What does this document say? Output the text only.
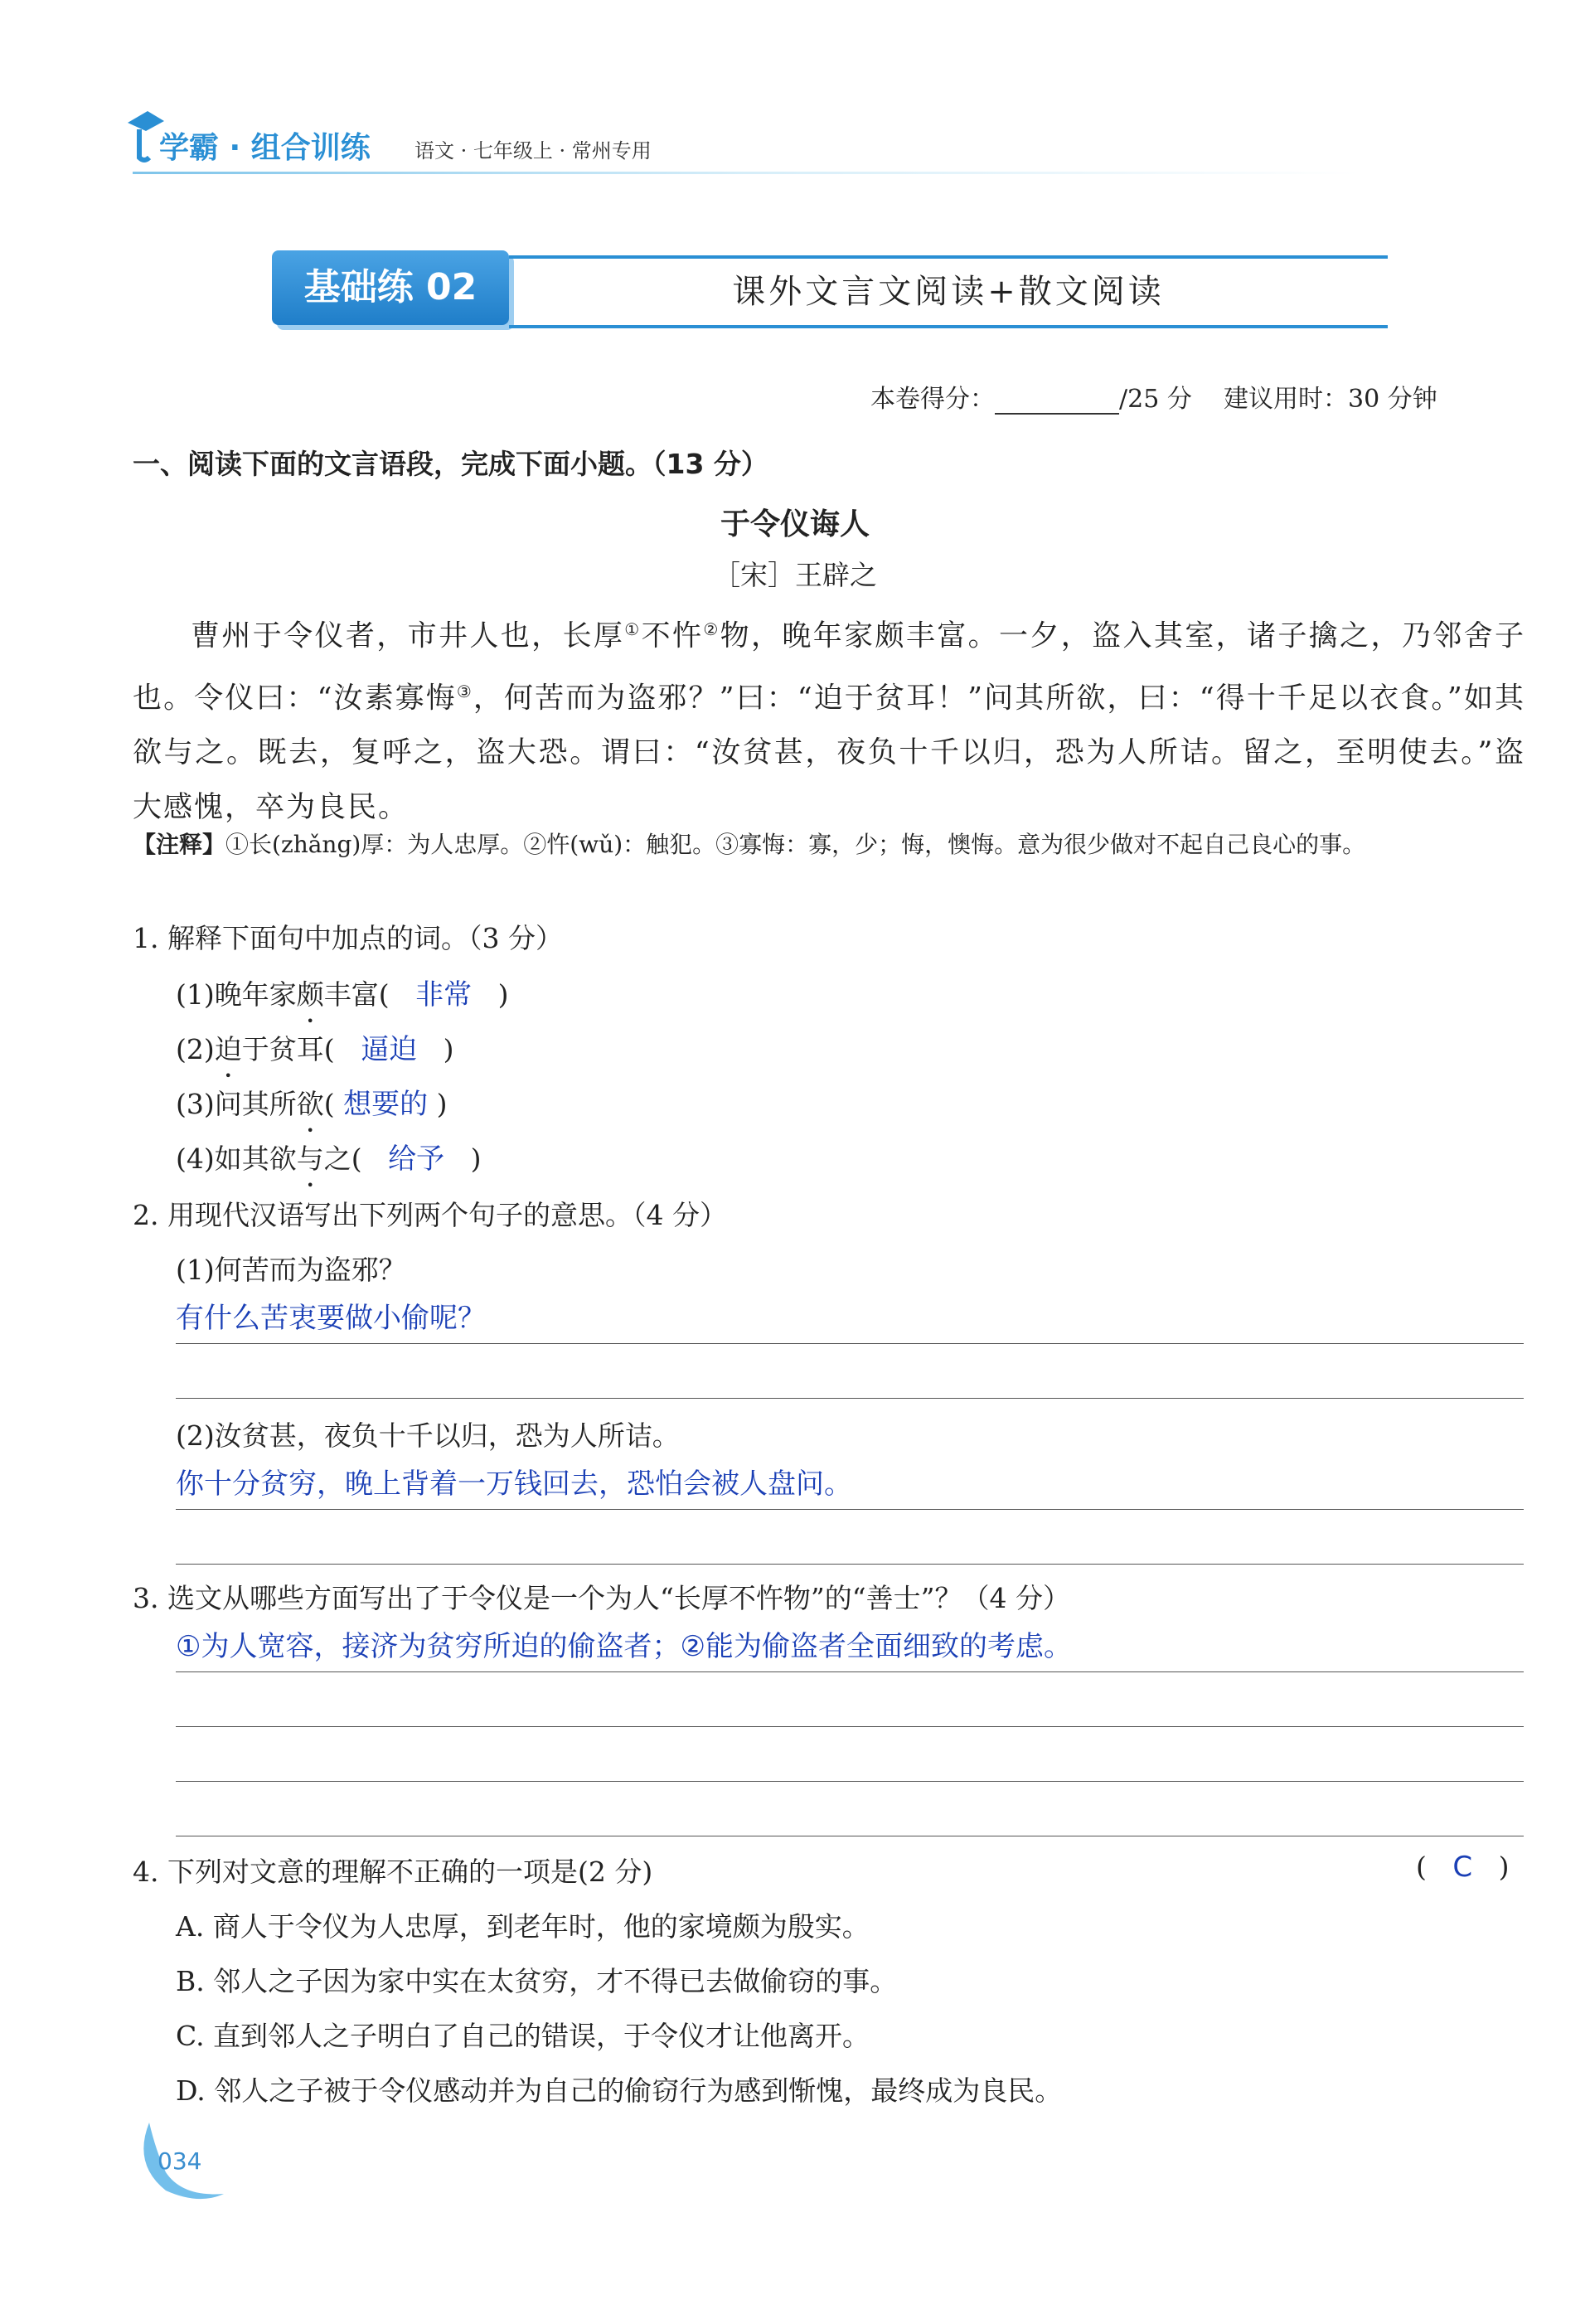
学霸 · 组合训练 语文 · 七年级上 · 常州专用
基础练 02	课外文言文阅读+散文阅读
本卷得分：	/25 分 建议用时：30 分钟
一、阅读下面的文言语段，完成下面小题。（13 分）
于令仪诲人
［宋］王辟之
曹州于令仪者，市井人也，长厚①不忤②物，晚年家颇丰富。一夕，盗入其室，诸子擒之，乃邻舍子也。令仪曰：“汝素寡悔③，何苦而为盗邪？”曰：“迫于贫耳！”问其所欲，曰：“得十千足以衣食。”如其欲与之。既去，复呼之，盗大恐。谓曰：“汝贫甚，夜负十千以归，恐为人所诘。留之，至明使去。”盗大感愧，卒为良民。
【注释】①长(zhǎng)厚：为人忠厚。②忤(wǔ)：触犯。③寡悔：寡，少；悔，懊悔。意为很少做对不起自己良心的事。
1. 解释下面句中加点的词。（3 分）
(1)晚年家颇丰富( 非常 )
(2)迫于贫耳( 逼迫 )
(3)问其所欲( 想要的 )
(4)如其欲与之( 给予 )
2. 用现代汉语写出下列两个句子的意思。（4 分）
(1)何苦而为盗邪？
有什么苦衷要做小偷呢？
(2)汝贫甚，夜负十千以归，恐为人所诘。
你十分贫穷，晚上背着一万钱回去，恐怕会被人盘问。
3. 选文从哪些方面写出了于令仪是一个为人“长厚不忤物”的“善士”？（4 分）
①为人宽容，接济为贫穷所迫的偷盗者；②能为偷盗者全面细致的考虑。
4. 下列对文意的理解不正确的一项是(2 分)	( C )
A. 商人于令仪为人忠厚，到老年时，他的家境颇为殷实。
B. 邻人之子因为家中实在太贫穷，才不得已去做偷窃的事。
C. 直到邻人之子明白了自己的错误，于令仪才让他离开。
D. 邻人之子被于令仪感动并为自己的偷窃行为感到惭愧，最终成为良民。
034
